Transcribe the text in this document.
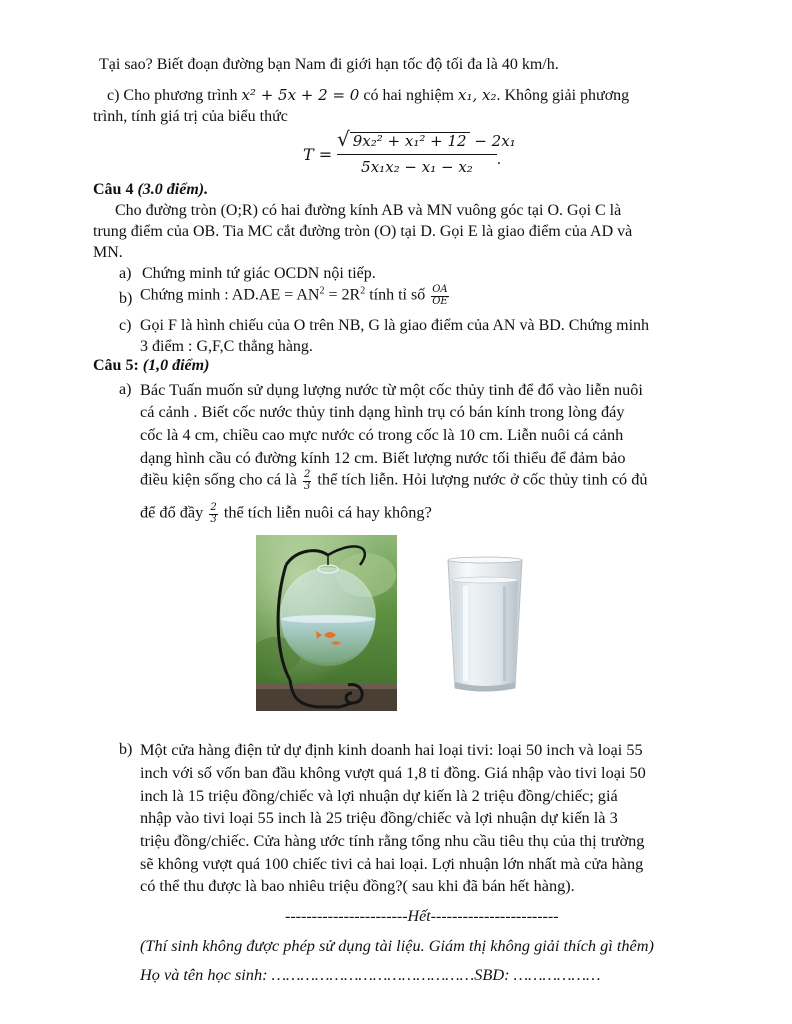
Tại sao? Biết đoạn đường bạn Nam đi giới hạn tốc độ tối đa là 40 km/h.
c) Cho phương trình x² + 5x + 2 = 0 có hai nghiệm x₁, x₂. Không giải phương
trình, tính giá trị của biểu thức
$T = \frac{\text{√ 9x₂² + x₁² + 12 − 2x₁}}{\text{5x₁x₂ − x₁ − x₂}}$ .
Câu 4 (3.0 điểm).
Cho đường tròn (O;R) có hai đường kính AB và MN vuông góc tại O. Gọi C là
trung điểm của OB. Tia MC cắt đường tròn (O) tại D. Gọi E là giao điểm của AD và
MN.
a) Chứng minh tứ giác OCDN nội tiếp.
b) Chứng minh : $AD.AE = AN^2 = 2R^2$ tính tỉ số $\frac{OA}{OE}$
c) Gọi F là hình chiếu của O trên NB, G là giao điểm của AN và BD. Chứng minh
3 điểm : G,F,C thẳng hàng.
Câu 5: (1,0 điểm)
a) Bác Tuấn muốn sử dụng lượng nước từ một cốc thủy tinh để đổ vào liễn nuôi
cá cảnh . Biết cốc nước thủy tinh dạng hình trụ có bán kính trong lòng đáy
cốc là 4 cm, chiều cao mực nước có trong cốc là 10 cm. Liễn nuôi cá cảnh
dạng hình cầu có đường kính 12 cm. Biết lượng nước tối thiểu để đảm bảo
điều kiện sống cho cá là $\frac{2}{3}$ thể tích liễn. Hỏi lượng nước ở cốc thủy tinh có đủ
để đổ đầy $\frac{2}{3}$ thể tích liễn nuôi cá hay không?
b) Một cửa hàng điện tử dự định kinh doanh hai loại tivi: loại 50 inch và loại 55
inch với số vốn ban đầu không vượt quá 1,8 tỉ đồng. Giá nhập vào tivi loại 50
inch là 15 triệu đồng/chiếc và lợi nhuận dự kiến là 2 triệu đồng/chiếc; giá
nhập vào tivi loại 55 inch là 25 triệu đồng/chiếc và lợi nhuận dự kiến là 3
triệu đồng/chiếc. Cửa hàng ước tính rằng tổng nhu cầu tiêu thụ của thị trường
sẽ không vượt quá 100 chiếc tivi cả hai loại. Lợi nhuận lớn nhất mà cửa hàng
có thể thu được là bao nhiêu triệu đồng?( sau khi đã bán hết hàng).
-----------------------Hết------------------------
(Thí sinh không được phép sử dụng tài liệu. Giám thị không giải thích gì thêm)
Họ và tên học sinh: ……………………………………SBD: ………………
